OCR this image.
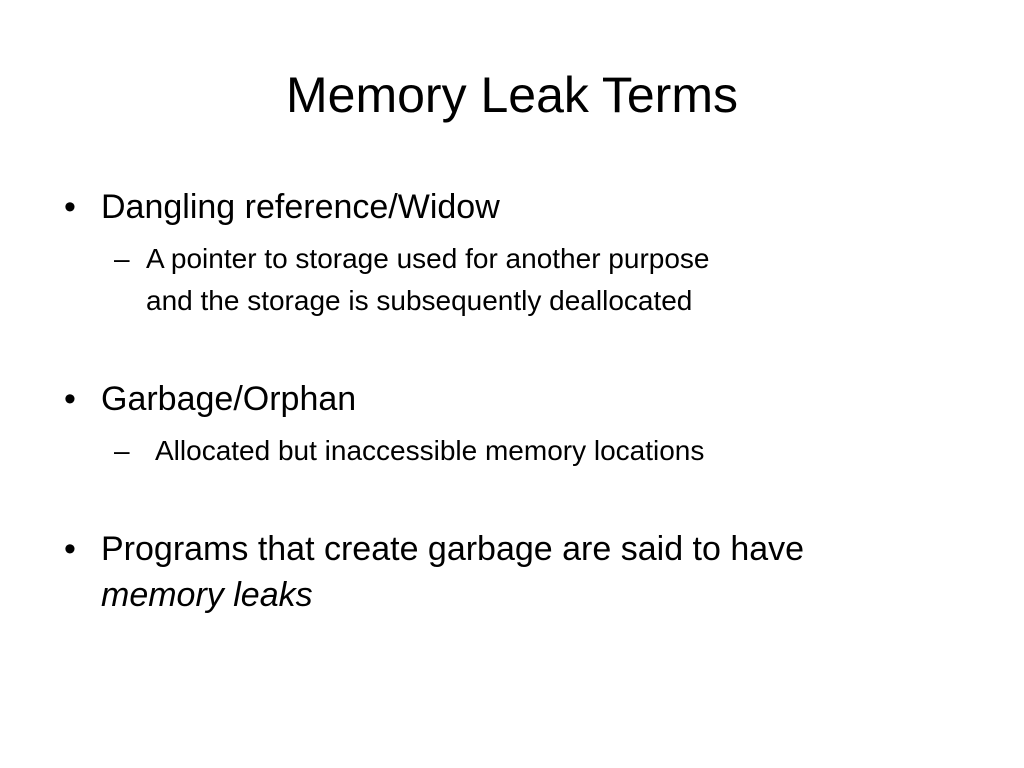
Memory Leak Terms
• Dangling reference/Widow
– A pointer to storage used for another purpose
and the storage is subsequently deallocated
• Garbage/Orphan
– Allocated but inaccessible memory locations
• Programs that create garbage are said to have
memory leaks
